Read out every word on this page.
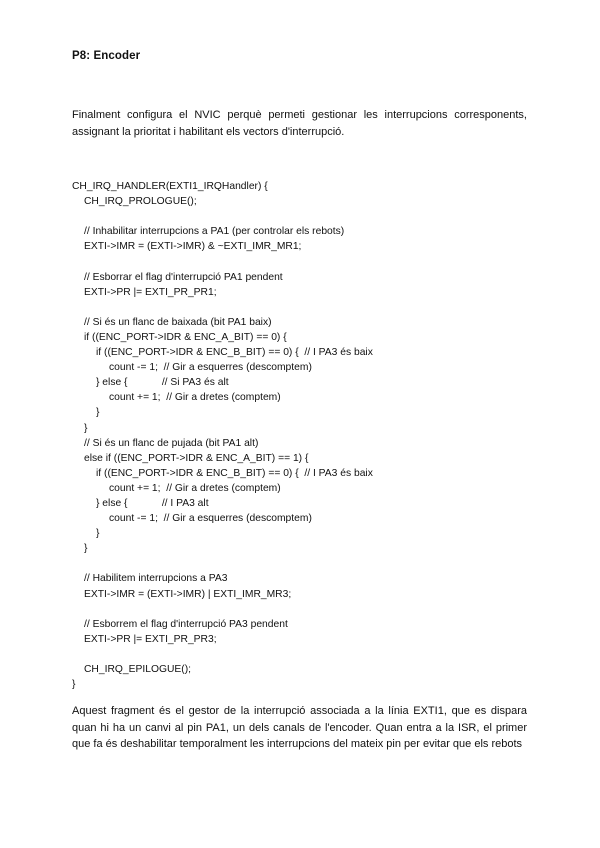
P8: Encoder

Finalment configura el NVIC perquè permeti gestionar les interrupcions corresponents, assignant la prioritat i habilitant els vectors d'interrupció.

CH_IRQ_HANDLER(EXTI1_IRQHandler) {
CH_IRQ_PROLOGUE();
// Inhabilitar interrupcions a PA1 (per controlar els rebots)
EXTI->IMR = (EXTI->IMR) & ~EXTI_IMR_MR1;
// Esborrar el flag d'interrupció PA1 pendent
EXTI->PR |= EXTI_PR_PR1;
// Si és un flanc de baixada (bit PA1 baix)
if ((ENC_PORT->IDR & ENC_A_BIT) == 0) {
if ((ENC_PORT->IDR & ENC_B_BIT) == 0) {  // I PA3 és baix
count -= 1;  // Gir a esquerres (descomptem)
} else {            // Si PA3 és alt
count += 1;  // Gir a dretes (comptem)
}
}
// Si és un flanc de pujada (bit PA1 alt)
else if ((ENC_PORT->IDR & ENC_A_BIT) == 1) {
if ((ENC_PORT->IDR & ENC_B_BIT) == 0) {  // I PA3 és baix
count += 1;  // Gir a dretes (comptem)
} else {            // I PA3 alt
count -= 1;  // Gir a esquerres (descomptem)
}
}
// Habilitem interrupcions a PA3
EXTI->IMR = (EXTI->IMR) | EXTI_IMR_MR3;
// Esborrem el flag d'interrupció PA3 pendent
EXTI->PR |= EXTI_PR_PR3;
CH_IRQ_EPILOGUE();
}

Aquest fragment és el gestor de la interrupció associada a la línia EXTI1, que es dispara quan hi ha un canvi al pin PA1, un dels canals de l'encoder. Quan entra a la ISR, el primer que fa és deshabilitar temporalment les interrupcions del mateix pin per evitar que els rebots
